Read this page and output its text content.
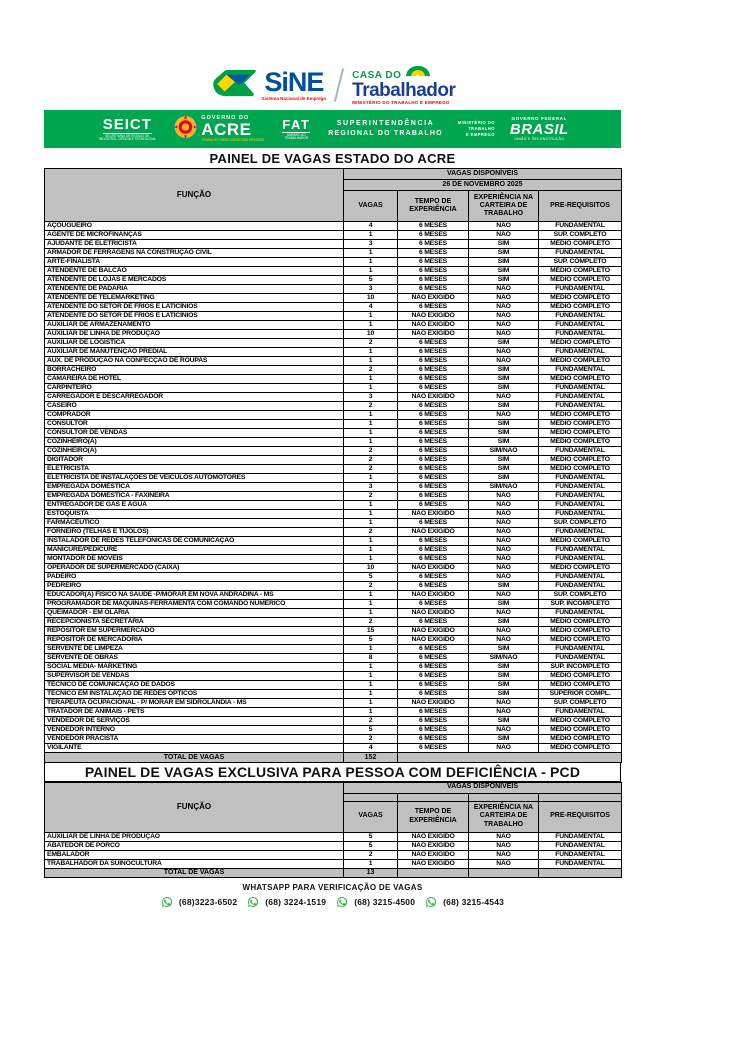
SiNE
Sistema Nacional de Emprego
CASA DO
Trabalhador
MINISTÉRIO DO TRABALHO E EMPREGO
SEICT
SECRETARIA DE ESTADO DE INDÚSTRIA, CIÊNCIA E TECNOLOGIA
GOVERNO DO
ACRE
TRABALHO PARA CUIDAR DAS PESSOAS
FAT
AMPARO AO TRABALHADOR
SUPERINTENDÊNCIA
REGIONAL DO TRABALHO
MINISTÉRIO DO
TRABALHO
E EMPREGO
GOVERNO FEDERAL
BRASIL
UNIÃO E RECONSTRUÇÃO
PAINEL DE VAGAS ESTADO DO ACRE
FUNÇÃO	VAGAS DISPONÍVEIS			
	26 DE NOVEMBRO 2025			
	VAGAS	TEMPO DE EXPERIÊNCIA	EXPERIÊNCIA NA CARTEIRA DE TRABALHO	PRE-REQUISITOS
AÇOUGUEIRO	4	6 MESES	NÃO	FUNDAMENTAL
AGENTE DE MICROFINANÇAS	1	6 MESES	NÃO	SUP. COMPLETO
AJUDANTE DE ELETRICISTA	3	6 MESES	SIM	MÉDIO COMPLETO
ARMADOR DE FERRAGENS NA CONSTRUÇÃO CIVIL	1	6 MESES	SIM	FUNDAMENTAL
ARTE-FINALISTA	1	6 MESES	SIM	SUP. COMPLETO
ATENDENTE DE BALCÃO	1	6 MESES	SIM	MÉDIO COMPLETO
ATENDENTE DE LOJAS E MERCADOS	5	6 MESES	SIM	MÉDIO COMPLETO
ATENDENTE DE PADARIA	3	6 MESES	NÃO	FUNDAMENTAL
ATENDENTE DE TELEMARKETING	10	NÃO EXIGIDO	NÃO	MÉDIO COMPLETO
ATENDENTE DO SETOR DE FRIOS E LATICÍNIOS	4	6 MESES	NÃO	MÉDIO COMPLETO
ATENDENTE DO SETOR DE FRIOS E LATICÍNIOS	1	NÃO EXIGIDO	NÃO	FUNDAMENTAL
AUXILIAR DE ARMAZENAMENTO	1	NÃO EXIGIDO	NÃO	FUNDAMENTAL
AUXILIAR DE LINHA DE PRODUÇÃO	10	NÃO EXIGIDO	NÃO	FUNDAMENTAL
AUXILIAR DE LOGÍSTICA	2	6 MESES	SIM	MÉDIO COMPLETO
AUXILIAR DE MANUTENÇÃO PREDIAL	1	6 MESES	NÃO	FUNDAMENTAL
AUX. DE PRODUÇÃO NA CONFECÇÃO DE ROUPAS	1	6 MESES	NÃO	MÉDIO COMPLETO
BORRACHEIRO	2	6 MESES	SIM	FUNDAMENTAL
CAMAREIRA DE HOTEL	1	6 MESES	SIM	MÉDIO COMPLETO
CARPINTEIRO	1	6 MESES	SIM	FUNDAMENTAL
CARREGADOR E DESCARREGADOR	3	NÃO EXIGIDO	NÃO	FUNDAMENTAL
CASEIRO	2	6 MESES	SIM	FUNDAMENTAL
COMPRADOR	1	6 MESES	NÃO	MÉDIO COMPLETO
CONSULTOR	1	6 MESES	SIM	MÉDIO COMPLETO
CONSULTOR DE VENDAS	1	6 MESES	SIM	MÉDIO COMPLETO
COZINHEIRO(A)	1	6 MESES	SIM	MÉDIO COMPLETO
COZINHEIRO(A)	2	6 MESES	SIM/NÃO	FUNDAMENTAL
DIGITADOR	2	6 MESES	SIM	MÉDIO COMPLETO
ELETRICISTA	2	6 MESES	SIM	MÉDIO COMPLETO
ELETRICISTA DE INSTALAÇÕES DE VEICULOS AUTOMOTORES	1	6 MESES	SIM	FUNDAMENTAL
EMPREGADA DOMÉSTICA	3	6 MESES	SIM/NÃO	FUNDAMENTAL
EMPREGADA DOMÉSTICA - FAXINEIRA	2	6 MESES	NÃO	FUNDAMENTAL
ENTREGADOR DE GÁS E ÁGUA	1	6 MESES	NÃO	FUNDAMENTAL
ESTOQUISTA	1	NÃO EXIGIDO	NÃO	FUNDAMENTAL
FARMACÊUTICO	1	6 MESES	NÃO	SUP. COMPLETO
FORNEIRO (TELHAS E TIJOLOS)	2	NÃO EXIGIDO	NÃO	FUNDAMENTAL
INSTALADOR DE REDES TELEFÔNICAS DE COMUNICAÇÃO	1	6 MESES	NÃO	MÉDIO COMPLETO
MANICURE/PEDICURE	1	6 MESES	NÃO	FUNDAMENTAL
MONTADOR DE MOVEIS	1	6 MESES	NÃO	FUNDAMENTAL
OPERADOR DE SUPERMERCADO (CAIXA)	10	NÃO EXIGIDO	NÃO	MÉDIO COMPLETO
PADEIRO	5	6 MESES	NÃO	FUNDAMENTAL
PEDREIRO	2	6 MESES	SIM	FUNDAMENTAL
EDUCADOR(A) FÍSICO NA SAÚDE -P/MORAR EM NOVA ANDRADINA - MS	1	NÃO EXIGIDO	NÃO	SUP. COMPLETO
PROGRAMADOR DE MÁQUINAS-FERRAMENTA COM COMANDO NUMÉRICO	1	6 MESES	SIM	SUP. INCOMPLETO
QUEIMADOR - EM OLARIA	1	NÃO EXIGIDO	NÃO	FUNDAMENTAL
RECEPCIONISTA SECRETÁRIA	2	6 MESES	SIM	MÉDIO COMPLETO
REPOSITOR EM SUPERMERCADO	15	NÃO EXIGIDO	NÃO	MÉDIO COMPLETO
REPOSITOR DE MERCADORIA	5	NÃO EXIGIDO	NÃO	MÉDIO COMPLETO
SERVENTE DE LIMPEZA	1	6 MESES	SIM	FUNDAMENTAL
SERVENTE DE OBRAS	8	6 MESES	SIM/NÃO	FUNDAMENTAL
SOCIAL MEDIA- MARKETING	1	6 MESES	SIM	SUP. INCOMPLETO
SUPERVISOR DE VENDAS	1	6 MESES	SIM	MÉDIO COMPLETO
TÉCNICO DE COMUNICAÇÃO DE DADOS	1	6 MESES	SIM	MÉDIO COMPLETO
TÉCNICO EM INSTALAÇÃO DE REDES ÓPTICOS	1	6 MESES	SIM	SUPERIOR COMPL.
TERAPEUTA OCUPACIONAL - P/ MORAR EM SIDROLÂNDIA - MS	1	NÃO EXIGIDO	NÃO	SUP. COMPLETO
TRATADOR DE ANIMAIS - PETS	1	6 MESES	NÃO	FUNDAMENTAL
VENDEDOR DE SERVIÇOS	2	6 MESES	SIM	MÉDIO COMPLETO
VENDEDOR INTERNO	5	6 MESES	NÃO	MÉDIO COMPLETO
VENDEDOR PRACISTA	2	6 MESES	SIM	MÉDIO COMPLETO
VIGILANTE	4	6 MESES	NÃO	MÉDIO COMPLETO
TOTAL DE VAGAS	152			
PAINEL DE VAGAS EXCLUSIVA PARA PESSOA COM DEFICIÊNCIA - PCD
FUNÇÃO	VAGAS DISPONÍVEIS			

	VAGAS	TEMPO DE EXPERIÊNCIA	EXPERIÊNCIA NA CARTEIRA DE TRABALHO	PRE-REQUISITOS
AUXILIAR DE LINHA DE PRODUÇÃO	5	NÃO EXIGIDO	NÃO	FUNDAMENTAL
ABATEDOR DE PORCO	5	NÃO EXIGIDO	NÃO	FUNDAMENTAL
EMBALADOR	2	NÃO EXIGIDO	NÃO	FUNDAMENTAL
TRABALHADOR DA SUINOCULTURA	1	NÃO EXIGIDO	NÃO	FUNDAMENTAL
TOTAL DE VAGAS	13			
WHATSAPP PARA VERIFICAÇÃO DE VAGAS
(68)3223-6502	(68) 3224-1519	(68) 3215-4500	(68) 3215-4543
